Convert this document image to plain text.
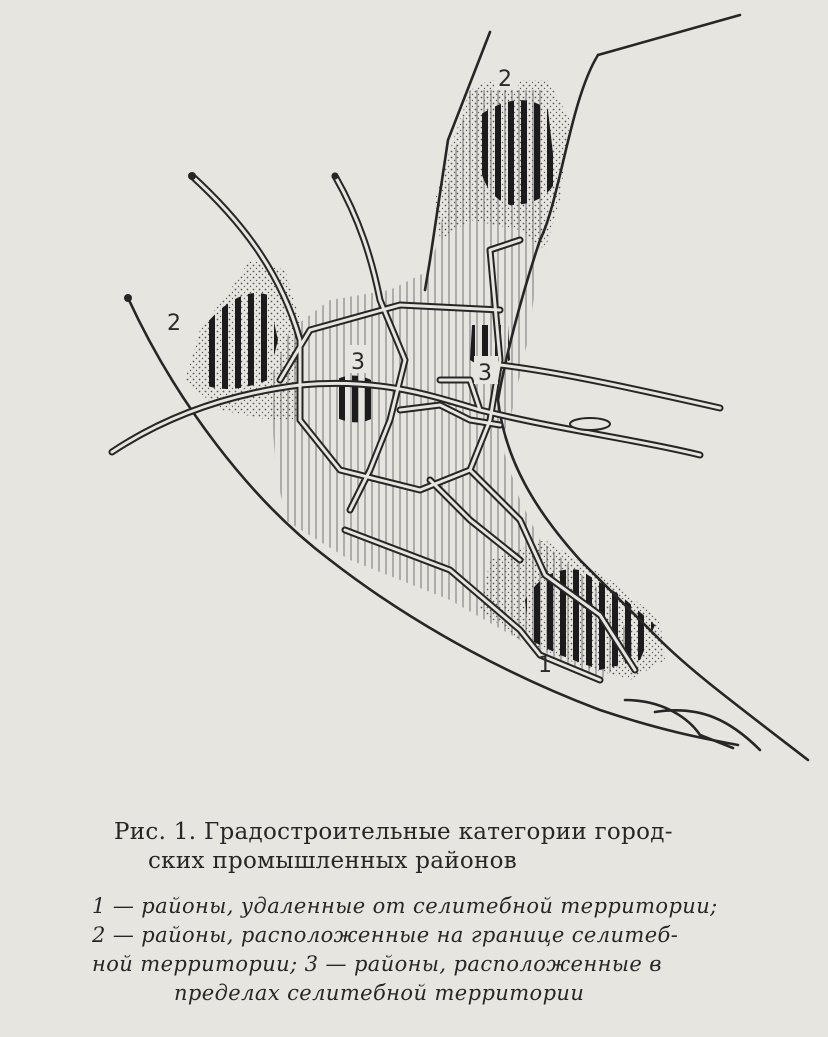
2
2
3	3
1

Рис. 1. Градостроительные категории город-
ских промышленных районов

1 — районы, удаленные от селитебной территории;
2 — районы, расположенные на границе селитеб-
ной территории; 3 — районы, расположенные в
пределах селитебной территории
